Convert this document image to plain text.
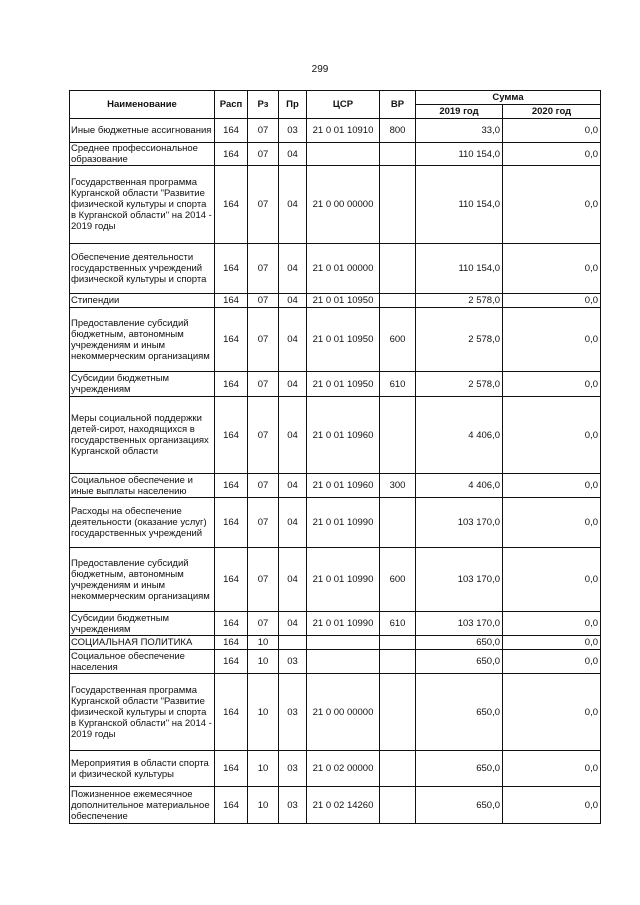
299
Наименование	Расп	Рз	Пр	ЦСР	ВР	Сумма	
						2019 год	2020 год
Иные бюджетные ассигнования	164	07	03	21 0 01 10910	800	33,0	0,0
Среднее профессиональное образование	164	07	04			110 154,0	0,0
Государственная программа Курганской области "Развитие физической культуры и спорта в Курганской области" на 2014 - 2019 годы	164	07	04	21 0 00 00000		110 154,0	0,0
Обеспечение деятельности государственных учреждений физической культуры и спорта	164	07	04	21 0 01 00000		110 154,0	0,0
Стипендии	164	07	04	21 0 01 10950		2 578,0	0,0
Предоставление субсидий бюджетным, автономным учреждениям и иным некоммерческим организациям	164	07	04	21 0 01 10950	600	2 578,0	0,0
Субсидии бюджетным учреждениям	164	07	04	21 0 01 10950	610	2 578,0	0,0
Меры социальной поддержки детей-сирот, находящихся в государственных организациях Курганской области	164	07	04	21 0 01 10960		4 406,0	0,0
Социальное обеспечение и иные выплаты населению	164	07	04	21 0 01 10960	300	4 406,0	0,0
Расходы на обеспечение деятельности (оказание услуг) государственных учреждений	164	07	04	21 0 01 10990		103 170,0	0,0
Предоставление субсидий бюджетным, автономным учреждениям и иным некоммерческим организациям	164	07	04	21 0 01 10990	600	103 170,0	0,0
Субсидии бюджетным учреждениям	164	07	04	21 0 01 10990	610	103 170,0	0,0
СОЦИАЛЬНАЯ ПОЛИТИКА	164	10				650,0	0,0
Социальное обеспечение населения	164	10	03			650,0	0,0
Государственная программа Курганской области "Развитие физической культуры и спорта в Курганской области" на 2014 - 2019 годы	164	10	03	21 0 00 00000		650,0	0,0
Мероприятия в области спорта и физической культуры	164	10	03	21 0 02 00000		650,0	0,0
Пожизненное ежемесячное дополнительное материальное обеспечение	164	10	03	21 0 02 14260		650,0	0,0
